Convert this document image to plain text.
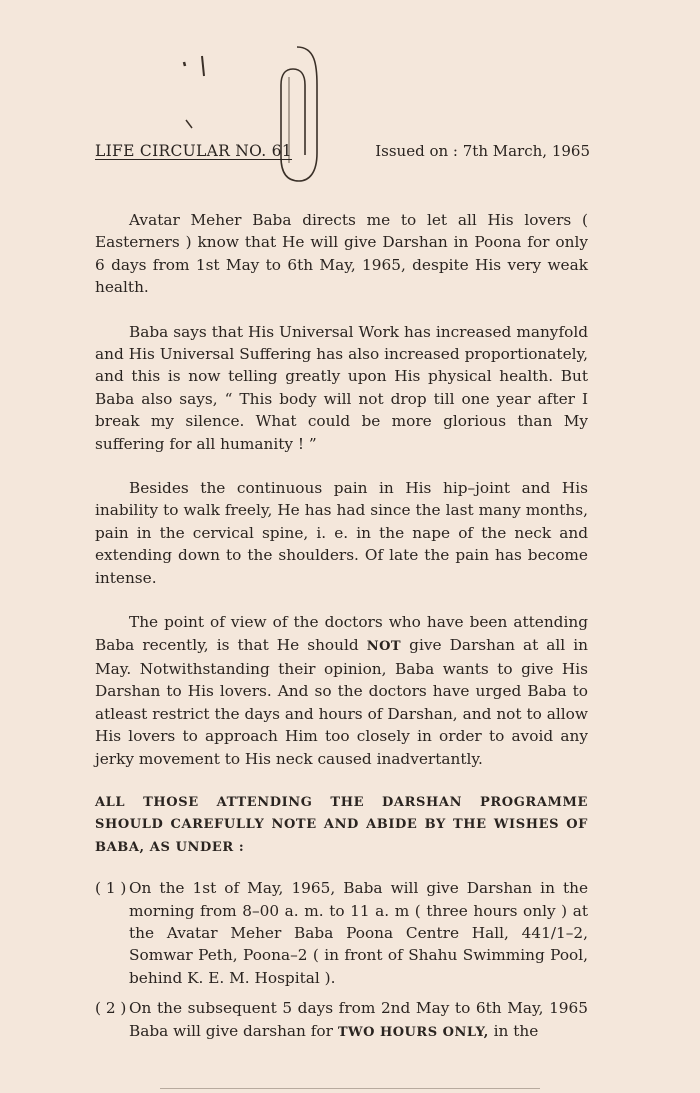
LIFE CIRCULAR NO. 61	Issued on : 7th March, 1965

Avatar Meher Baba directs me to let all His lovers ( Easterners ) know that He will give Darshan in Poona for only 6 days from 1st May to 6th May, 1965, despite His very weak health.

Baba says that His Universal Work has increased manyfold and His Universal Suffering has also increased proportionately, and this is now telling greatly upon His physical health. But Baba also says, “ This body will not drop till one year after I break my silence. What could be more glorious than My suffering for all humanity ! ”

Besides the continuous pain in His hip–joint and His inability to walk freely, He has had since the last many months, pain in the cervical spine, i. e. in the nape of the neck and extending down to the shoulders. Of late the pain has become intense.

The point of view of the doctors who have been attending Baba recently, is that He should NOT give Darshan at all in May. Notwithstanding their opinion, Baba wants to give His Darshan to His lovers. And so the doctors have urged Baba to atleast restrict the days and hours of Darshan, and not to allow His lovers to approach Him too closely in order to avoid any jerky movement to His neck caused inadvertantly.

ALL THOSE ATTENDING THE DARSHAN PROGRAMME SHOULD CAREFULLY NOTE AND ABIDE BY THE WISHES OF BABA, AS UNDER :

( 1 ) On the 1st of May, 1965, Baba will give Darshan in the morning from 8–00 a. m. to 11 a. m ( three hours only ) at the Avatar Meher Baba Poona Centre Hall, 441/1–2, Somwar Peth, Poona–2 ( in front of Shahu Swimming Pool, behind K. E. M. Hospital ).
( 2 ) On the subsequent 5 days from 2nd May to 6th May, 1965 Baba will give darshan for TWO HOURS ONLY, in the
